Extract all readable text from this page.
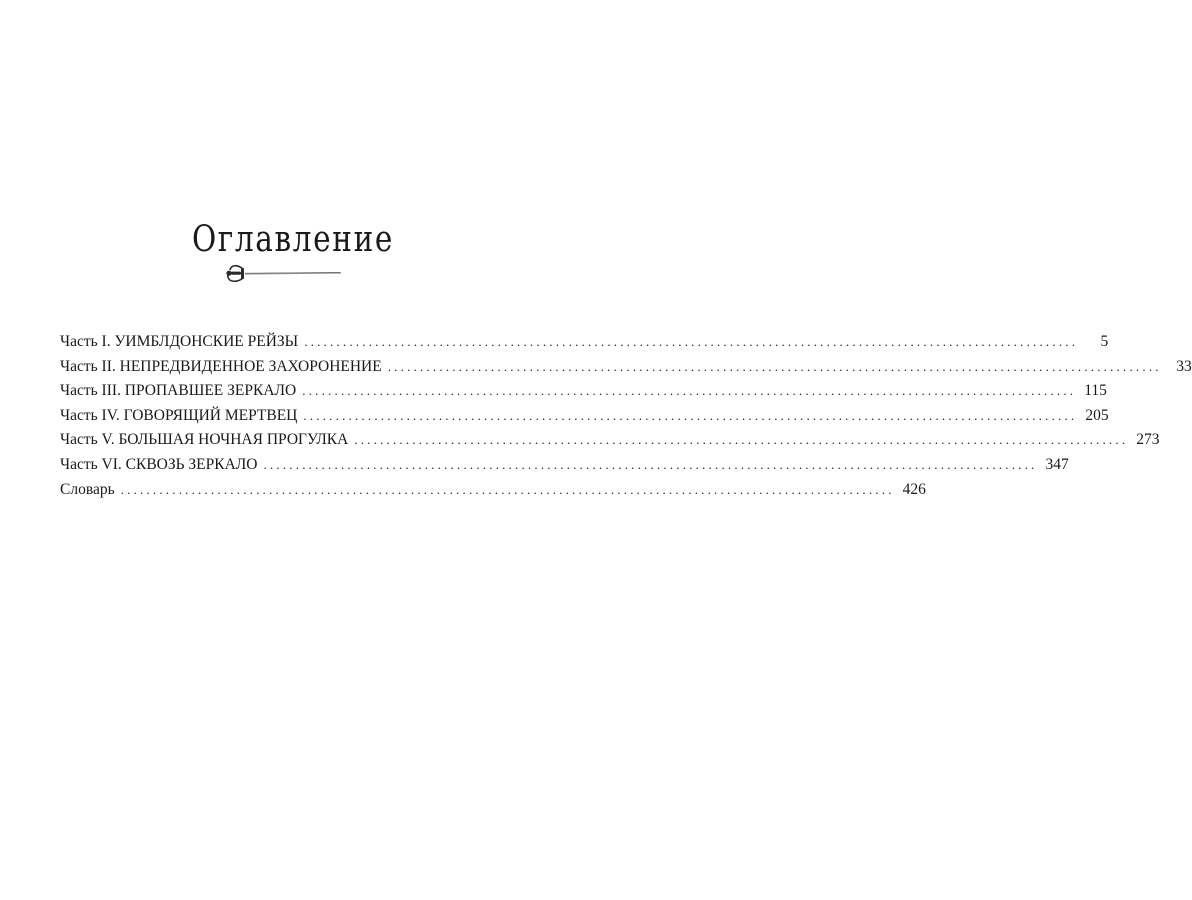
Оглавление
Часть I. УИМБЛДОНСКИЕ РЕЙЗЫ ........................................................................................................................	5
Часть II. НЕПРЕДВИДЕННОЕ ЗАХОРОНЕНИЕ ........................................................................................................................ 33
Часть III. ПРОПАВШЕЕ ЗЕРКАЛО ........................................................................................................................ 115
Часть IV. ГОВОРЯЩИЙ МЕРТВЕЦ ........................................................................................................................ 205
Часть V. БОЛЬШАЯ НОЧНАЯ ПРОГУЛКА ........................................................................................................................ 273
Часть VI. СКВОЗЬ ЗЕРКАЛО ........................................................................................................................ 347
Словарь ........................................................................................................................ 426
